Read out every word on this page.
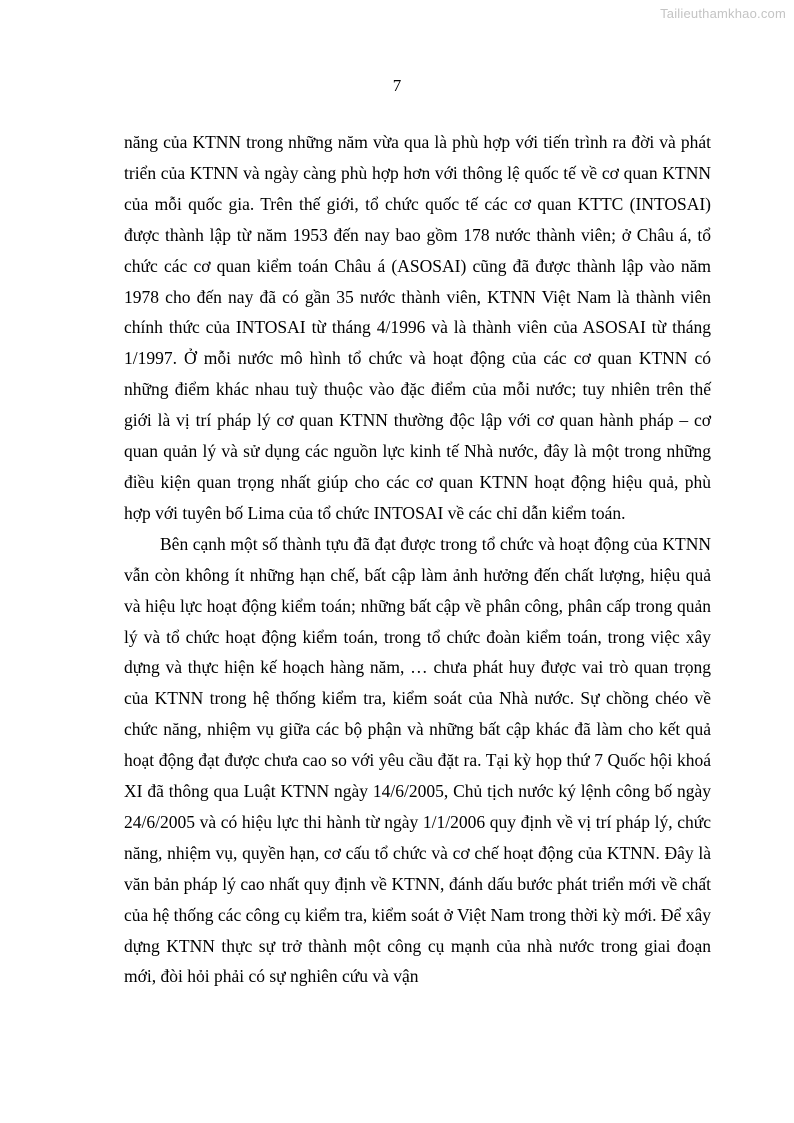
Tailieuthamkhao.com
7

năng của KTNN trong những năm vừa qua là phù hợp với tiến trình ra đời và phát triển của KTNN và ngày càng phù hợp hơn với thông lệ quốc tế về cơ quan KTNN của mỗi quốc gia. Trên thế giới, tổ chức quốc tế các cơ quan KTTC (INTOSAI) được thành lập từ năm 1953 đến nay bao gồm 178 nước thành viên; ở Châu á, tổ chức các cơ quan kiểm toán Châu á (ASOSAI) cũng đã được thành lập vào năm 1978 cho đến nay đã có gần 35 nước thành viên, KTNN Việt Nam là thành viên chính thức của INTOSAI từ tháng 4/1996 và là thành viên của ASOSAI từ tháng 1/1997. Ở mỗi nước mô hình tổ chức và hoạt động của các cơ quan KTNN có những điểm khác nhau tuỳ thuộc vào đặc điểm của mỗi nước; tuy nhiên trên thế giới là vị trí pháp lý cơ quan KTNN thường độc lập với cơ quan hành pháp – cơ quan quản lý và sử dụng các nguồn lực kinh tế Nhà nước, đây là một trong những điều kiện quan trọng nhất giúp cho các cơ quan KTNN hoạt động hiệu quả, phù hợp với tuyên bố Lima của tổ chức INTOSAI về các chỉ dẫn kiểm toán.

Bên cạnh một số thành tựu đã đạt được trong tổ chức và hoạt động của KTNN vẫn còn không ít những hạn chế, bất cập làm ảnh hưởng đến chất lượng, hiệu quả và hiệu lực hoạt động kiểm toán; những bất cập về phân công, phân cấp trong quản lý và tổ chức hoạt động kiểm toán, trong tổ chức đoàn kiểm toán, trong việc xây dựng và thực hiện kế hoạch hàng năm, … chưa phát huy được vai trò quan trọng của KTNN trong hệ thống kiểm tra, kiểm soát của Nhà nước. Sự chồng chéo về chức năng, nhiệm vụ giữa các bộ phận và những bất cập khác đã làm cho kết quả hoạt động đạt được chưa cao so với yêu cầu đặt ra. Tại kỳ họp thứ 7 Quốc hội khoá XI đã thông qua Luật KTNN ngày 14/6/2005, Chủ tịch nước ký lệnh công bố ngày 24/6/2005 và có hiệu lực thi hành từ ngày 1/1/2006 quy định về vị trí pháp lý, chức năng, nhiệm vụ, quyền hạn, cơ cấu tổ chức và cơ chế hoạt động của KTNN. Đây là văn bản pháp lý cao nhất quy định về KTNN, đánh dấu bước phát triển mới về chất của hệ thống các công cụ kiểm tra, kiểm soát ở Việt Nam trong thời kỳ mới. Để xây dựng KTNN thực sự trở thành một công cụ mạnh của nhà nước trong giai đoạn mới, đòi hỏi phải có sự nghiên cứu và vận
